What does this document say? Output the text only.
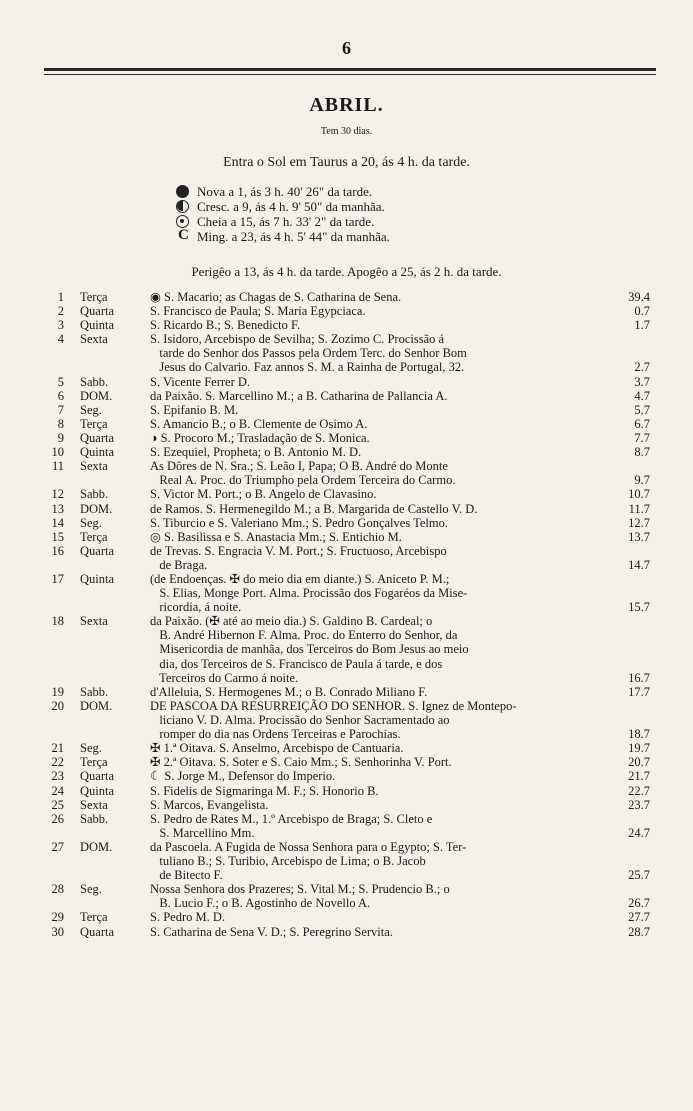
6
ABRIL.
Tem 30 dias.
Entra o Sol em Taurus a 20, ás 4 h. da tarde.
Nova a 1, ás 3 h. 40' 26" da tarde.
Cresc. a 9, ás 4 h. 9' 50" da manhãa.
Cheia a 15, ás 7 h. 33' 2" da tarde.
C
Ming. a 23, ás 4 h. 5' 44" da manhãa.
Perigêo a 13, ás 4 h. da tarde. Apogêo a 25, ás 2 h. da tarde.
1 Terça	◉ S. Macario; as Chagas de S. Catharina de Sena.	39.4
2 Quarta	S. Francisco de Paula; S. Maria Egypciaca.	0.7
3 Quinta	S. Ricardo B.; S. Benedicto F.	1.7
4 Sexta	S. Isidoro, Arcebispo de Sevilha; S. Zozimo C. Procissão á
tarde do Senhor dos Passos pela Ordem Terc. do Senhor Bom
Jesus do Calvario. Faz annos S. M. a Rainha de Portugal, 32.	2.7
5 Sabb.	S. Vicente Ferrer D.	3.7
6 DOM.	da Paixão. S. Marcellino M.; a B. Catharina de Pallancia A.	4.7
7 Seg.	S. Epifanio B. M.	5.7
8 Terça	S. Amancio B.; o B. Clemente de Osimo A.	6.7
9 Quarta	◑ S. Procoro M.; Trasladação de S. Monica.	7.7
10 Quinta	S. Ezequiel, Propheta; o B. Antonio M. D.	8.7
11 Sexta	As Dôres de N. Sra.; S. Leão I, Papa; O B. André do Monte
Real A. Proc. do Triumpho pela Ordem Terceira do Carmo.	9.7
12 Sabb.	S. Victor M. Port.; o B. Angelo de Clavasino.	10.7
13 DOM.	de Ramos. S. Hermenegildo M.; a B. Margarida de Castello V. D.	11.7
14 Seg.	S. Tiburcio e S. Valeriano Mm.; S. Pedro Gonçalves Telmo.	12.7
15 Terça	◎ S. Basilissa e S. Anastacia Mm.; S. Entichio M.	13.7
16 Quarta	de Trevas. S. Engracia V. M. Port.; S. Fructuoso, Arcebispo
de Braga.	14.7
17 Quinta	(de Endoenças. ✠ do meio dia em diante.) S. Aniceto P. M.;
S. Elias, Monge Port. Alma. Procissão dos Fogaréos da Mise-
ricordia, á noite.	15.7
18 Sexta	da Paixão. (✠ até ao meio dia.) S. Galdino B. Cardeal; o
B. André Hibernon F. Alma. Proc. do Enterro do Senhor, da
Misericordia de manhãa, dos Terceiros do Bom Jesus ao meio
dia, dos Terceiros de S. Francisco de Paula á tarde, e dos
Terceiros do Carmo á noite.	16.7
19 Sabb.	d'Alleluia, S. Hermogenes M.; o B. Conrado Miliano F.	17.7
20 DOM.	DE PASCOA DA RESURREIÇÃO DO SENHOR. S. Ignez de Montepo-
liciano V. D. Alma. Procissão do Senhor Sacramentado ao
romper do dia nas Ordens Terceiras e Parochias.	18.7
21 Seg.	✠ 1.ª Oitava. S. Anselmo, Arcebispo de Cantuaria.	19.7
22 Terça	✠ 2.ª Oitava. S. Soter e S. Caio Mm.; S. Senhorinha V. Port.	20.7
23 Quarta	☾ S. Jorge M., Defensor do Imperio.	21.7
24 Quinta	S. Fidelis de Sigmaringa M. F.; S. Honorio B.	22.7
25 Sexta	S. Marcos, Evangelista.	23.7
26 Sabb.	S. Pedro de Rates M., 1.º Arcebispo de Braga; S. Cleto e
S. Marcellino Mm.	24.7
27 DOM.	da Pascoela. A Fugida de Nossa Senhora para o Egypto; S. Ter-
tuliano B.; S. Turibio, Arcebispo de Lima; o B. Jacob
de Bitecto F.	25.7
28 Seg.	Nossa Senhora dos Prazeres; S. Vital M.; S. Prudencio B.; o
B. Lucio F.; o B. Agostinho de Novello A.	26.7
29 Terça	S. Pedro M. D.	27.7
30 Quarta	S. Catharina de Sena V. D.; S. Peregrino Servita.	28.7
